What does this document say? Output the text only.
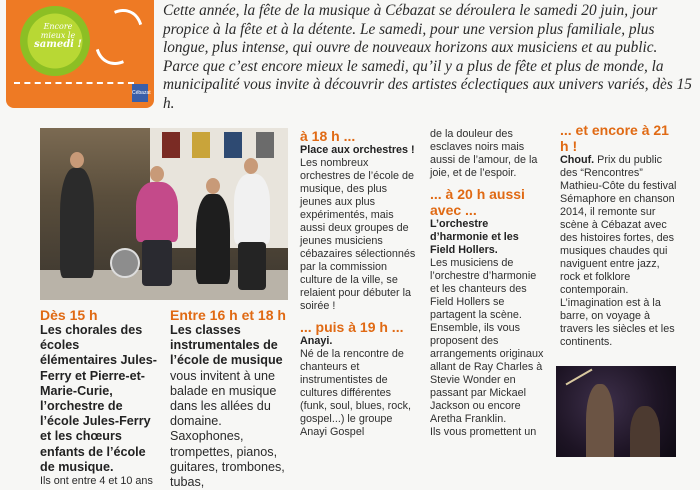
Encore
mieux le
samedi !
Cébazat

Cette année, la fête de la musique à Cébazat se déroulera le samedi 20 juin, jour propice à la fête et à la détente. Le samedi, pour une version plus familiale, plus longue, plus intense, qui ouvre de nouveaux horizons aux musiciens et au public. Parce que c’est encore mieux le samedi, qu’il y a plus de fête et plus de monde, la municipalité vous invite à découvrir des artistes éclectiques aux univers variés, dès 15 h.

Dès 15 h
Les chorales des écoles élémentaires Jules-Ferry et Pierre-et-Marie-Curie, l’orchestre de l’école Jules-Ferry et les chœurs enfants de l’école de musique.
Ils ont entre 4 et 10 ans
Entre 16 h et 18 h
Les classes instrumentales de l’école de musique vous invitent à une balade en musique dans les allées du domaine. Saxophones, trompettes, pianos, guitares, trombones, tubas,
à 18 h ...
Place aux orchestres !

Les nombreux orchestres de l’école de musique, des plus jeunes aux plus expérimentés, mais aussi deux groupes de jeunes musiciens cébazaires sélectionnés par la commission culture de la ville, se relaient pour débuter la soirée !

... puis à 19 h ...
Anayi.

Né de la rencontre de chanteurs et instrumentistes de cultures différentes (funk, soul, blues, rock, gospel...) le groupe Anayi Gospel

de la douleur des esclaves noirs mais aussi de l’amour, de la joie, et de l’espoir.

... à 20 h aussi avec ...
L’orchestre d’harmonie et les Field Hollers.

Les musiciens de l’orchestre d’harmonie et les chanteurs des Field Hollers se partagent la scène. Ensemble, ils vous proposent des arrangements originaux allant de Ray Charles à Stevie Wonder en passant par Mickael Jackson ou encore Aretha Franklin.

Ils vous promettent un

... et encore à 21 h !

Chouf. Prix du public des “Rencontres” Mathieu-Côte du festival Sémaphore en chanson 2014, il remonte sur scène à Cébazat avec des histoires fortes, des musiques chaudes qui naviguent entre jazz, rock et folklore contemporain. L’imagination est à la barre, on voyage à travers les siècles et les continents.
